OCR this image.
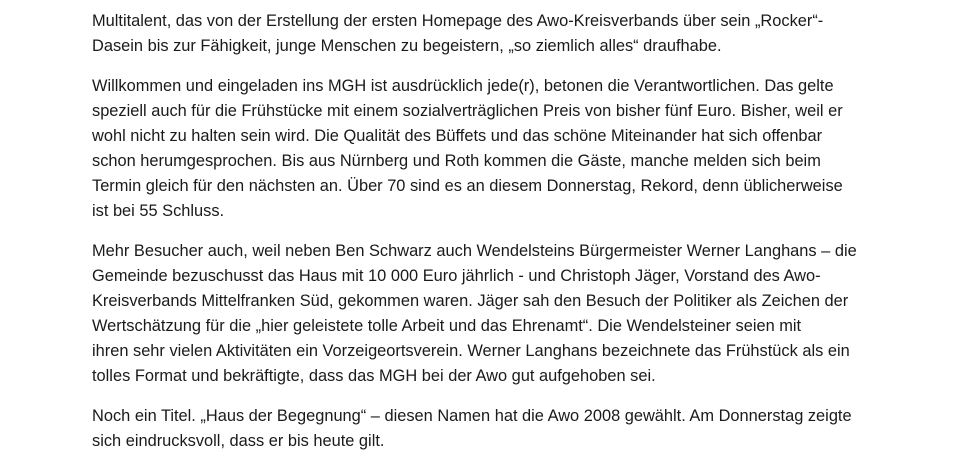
Multitalent, das von der Erstellung der ersten Homepage des Awo-Kreisverbands über sein „Rocker“-
Dasein bis zur Fähigkeit, junge Menschen zu begeistern, „so ziemlich alles“ draufhabe.

Willkommen und eingeladen ins MGH ist ausdrücklich jede(r), betonen die Verantwortlichen. Das gelte
speziell auch für die Frühstücke mit einem sozialverträglichen Preis von bisher fünf Euro. Bisher, weil er
wohl nicht zu halten sein wird. Die Qualität des Büffets und das schöne Miteinander hat sich offenbar
schon herumgesprochen. Bis aus Nürnberg und Roth kommen die Gäste, manche melden sich beim
Termin gleich für den nächsten an. Über 70 sind es an diesem Donnerstag, Rekord, denn üblicherweise
ist bei 55 Schluss.

Mehr Besucher auch, weil neben Ben Schwarz auch Wendelsteins Bürgermeister Werner Langhans – die
Gemeinde bezuschusst das Haus mit 10 000 Euro jährlich - und Christoph Jäger, Vorstand des Awo-
Kreisverbands Mittelfranken Süd, gekommen waren. Jäger sah den Besuch der Politiker als Zeichen der
Wertschätzung für die „hier geleistete tolle Arbeit und das Ehrenamt“. Die Wendelsteiner seien mit
ihren sehr vielen Aktivitäten ein Vorzeigeortsverein. Werner Langhans bezeichnete das Frühstück als ein
tolles Format und bekräftigte, dass das MGH bei der Awo gut aufgehoben sei.

Noch ein Titel. „Haus der Begegnung“ – diesen Namen hat die Awo 2008 gewählt. Am Donnerstag zeigte
sich eindrucksvoll, dass er bis heute gilt.
